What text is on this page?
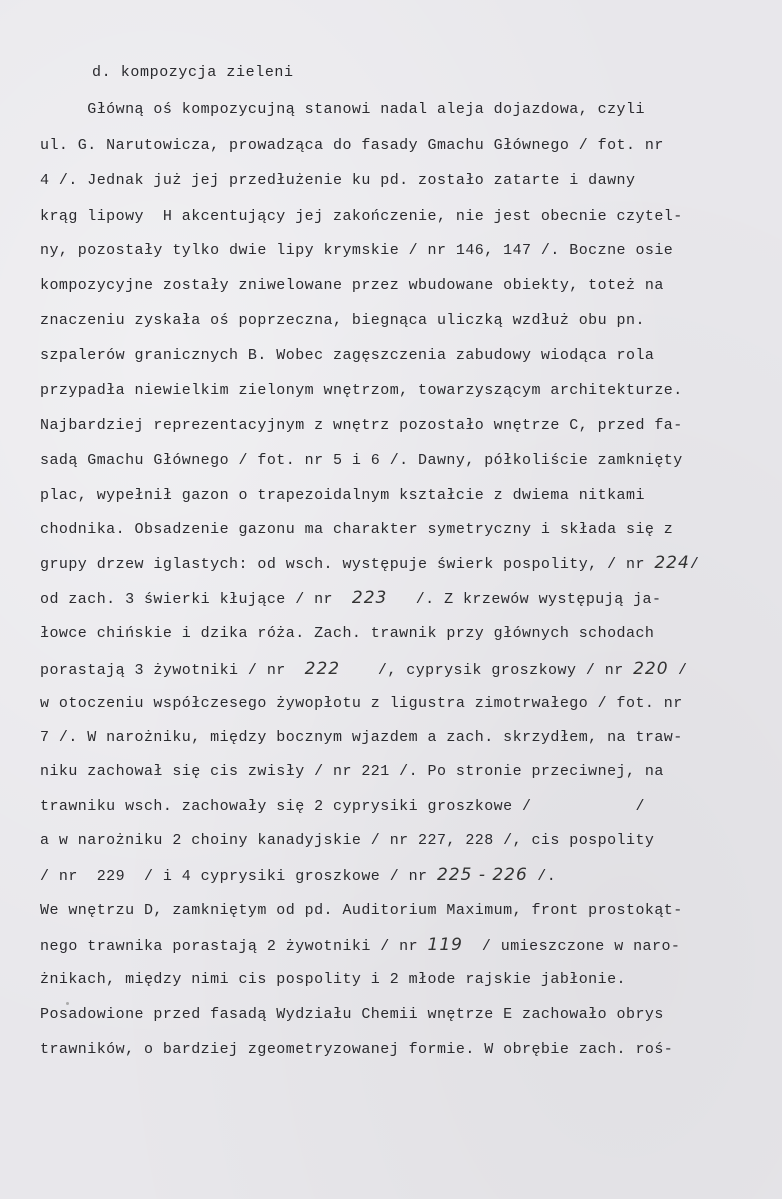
d. kompozycja zieleni
Główną oś kompozycujną stanowi nadal aleja dojazdowa, czyli
ul. G. Narutowicza, prowadząca do fasady Gmachu Głównego / fot. nr
4 /. Jednak już jej przedłużenie ku pd. zostało zatarte i dawny
krąg lipowy  H akcentujący jej zakończenie, nie jest obecnie czytel-
ny, pozostały tylko dwie lipy krymskie / nr 146, 147 /. Boczne osie
kompozycyjne zostały zniwelowane przez wbudowane obiekty, toteż na
znaczeniu zyskała oś poprzeczna, biegnąca uliczką wzdłuż obu pn.
szpalerów granicznych B. Wobec zagęszczenia zabudowy wiodąca rola
przypadła niewielkim zielonym wnętrzom, towarzyszącym architekturze.
Najbardziej reprezentacyjnym z wnętrz pozostało wnętrze C, przed fa-
sadą Gmachu Głównego / fot. nr 5 i 6 /. Dawny, półkoliście zamknięty
plac, wypełnił gazon o trapezoidalnym kształcie z dwiema nitkami
chodnika. Obsadzenie gazonu ma charakter symetryczny i składa się z
grupy drzew iglastych: od wsch. występuje świerk pospolity, / nr 224/
od zach. 3 świerki kłujące / nr  223   /. Z krzewów występują ja-
łowce chińskie i dzika róża. Zach. trawnik przy głównych schodach
porastają 3 żywotniki / nr  222    /, cyprysik groszkowy / nr 220 /
w otoczeniu współczesego żywopłotu z ligustra zimotrwałego / fot. nr
7 /. W narożniku, między bocznym wjazdem a zach. skrzydłem, na traw-
niku zachował się cis zwisły / nr 221 /. Po stronie przeciwnej, na
trawniku wsch. zachowały się 2 cyprysiki groszkowe /           /
a w narożniku 2 choiny kanadyjskie / nr 227, 228 /, cis pospolity
/ nr  229  / i 4 cyprysiki groszkowe / nr 225 - 226 /.
We wnętrzu D, zamkniętym od pd. Auditorium Maximum, front prostokąt-
nego trawnika porastają 2 żywotniki / nr 119  / umieszczone w naro-
żnikach, między nimi cis pospolity i 2 młode rajskie jabłonie.
Posadowione przed fasadą Wydziału Chemii wnętrze E zachowało obrys
trawników, o bardziej zgeometryzowanej formie. W obrębie zach. roś-
